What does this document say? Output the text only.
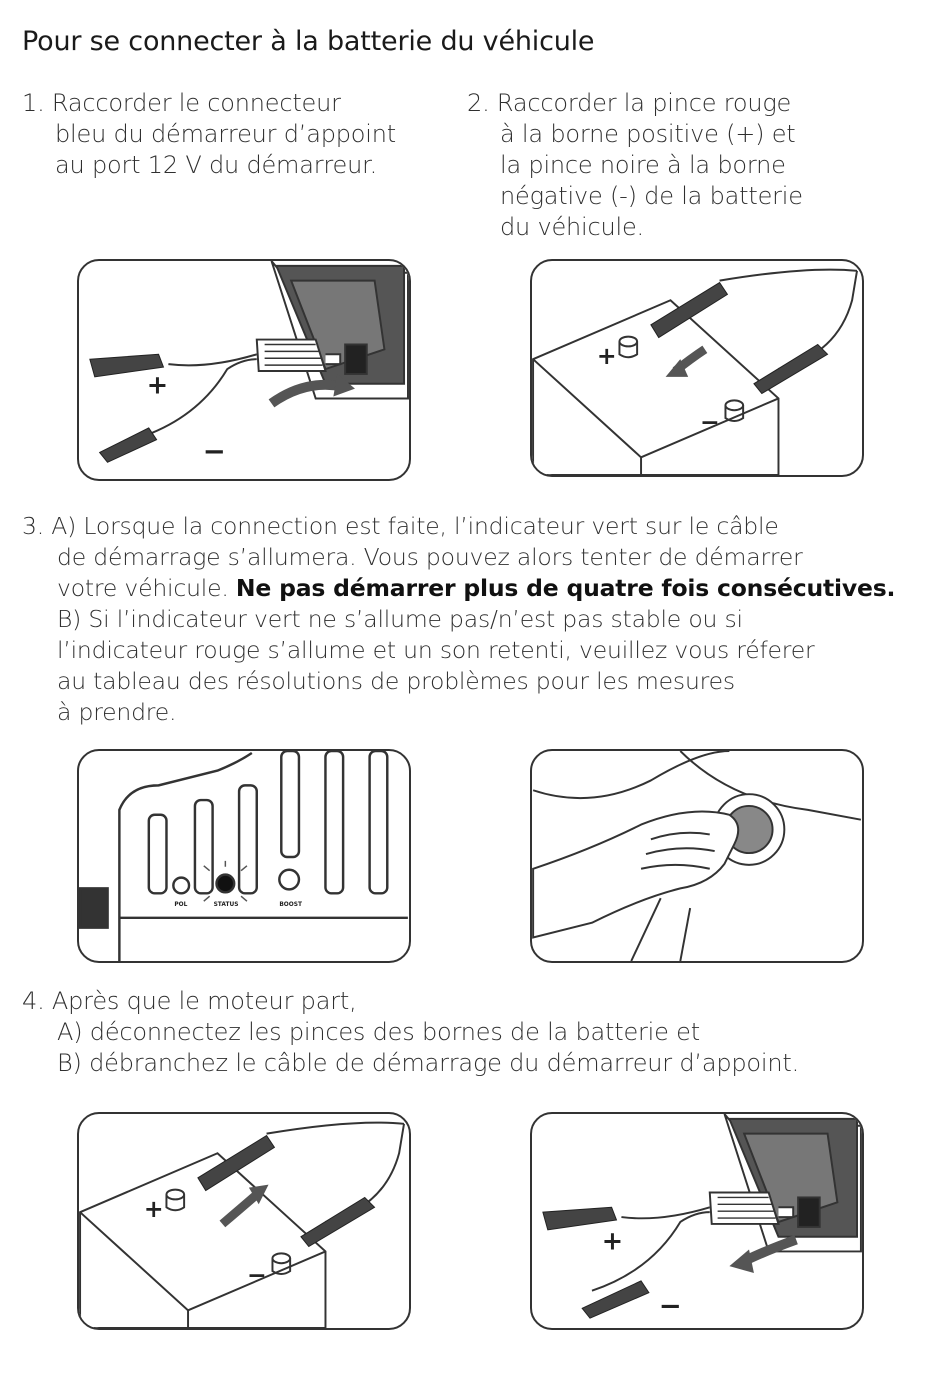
Pour se connecter à la batterie du véhicule
1. Raccorder le connecteur
bleu du démarreur d’appoint
au port 12 V du démarreur.
2. Raccorder la pince rouge
à la borne positive (+) et
la pince noire à la borne
négative (-) de la batterie
du véhicule.
+
−
+
−
3. A) Lorsque la connection est faite, l’indicateur vert sur le câble
de démarrage s’allumera. Vous pouvez alors tenter de démarrer
votre véhicule. Ne pas démarrer plus de quatre fois consécutives.
B) Si l’indicateur vert ne s’allume pas/n’est pas stable ou si
l’indicateur rouge s’allume et un son retenti, veuillez vous réferer
au tableau des résolutions de problèmes pour les mesures
à prendre.
POL	STATUS	BOOST
4. Après que le moteur part,
A) déconnectez les pinces des bornes de la batterie et
B) débranchez le câble de démarrage du démarreur d’appoint.
+
−
+
−
